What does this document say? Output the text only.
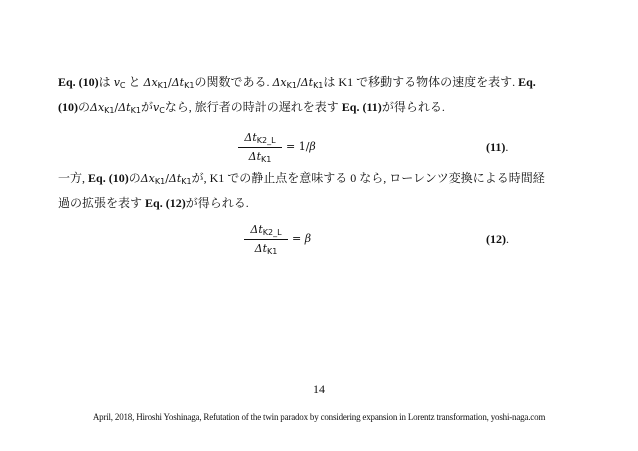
Eq. (10)は $v_C$ と $\Delta x_{K1}/\Delta t_{K1}$の関数である. $\Delta x_{K1}/\Delta t_{K1}$は K1 で移動する物体の速度を表す. Eq.
(10)の$\Delta x_{K1}/\Delta t_{K1}$が$v_C$なら, 旅行者の時計の遅れを表す Eq. (11)が得られる.
$\Delta t_{K2\_L}$
$\Delta t_{K1}$
= 1/β	(11).
一方, Eq. (10)の$\Delta x_{K1}/\Delta t_{K1}$が, K1 での静止点を意味する 0 なら, ローレンツ変換による時間経
過の拡張を表す Eq. (12)が得られる.
$\Delta t_{K2\_L}$
$\Delta t_{K1}$
= β	(12).
14
April, 2018, Hiroshi Yoshinaga, Refutation of the twin paradox by considering expansion in Lorentz transformation, yoshi-naga.com
